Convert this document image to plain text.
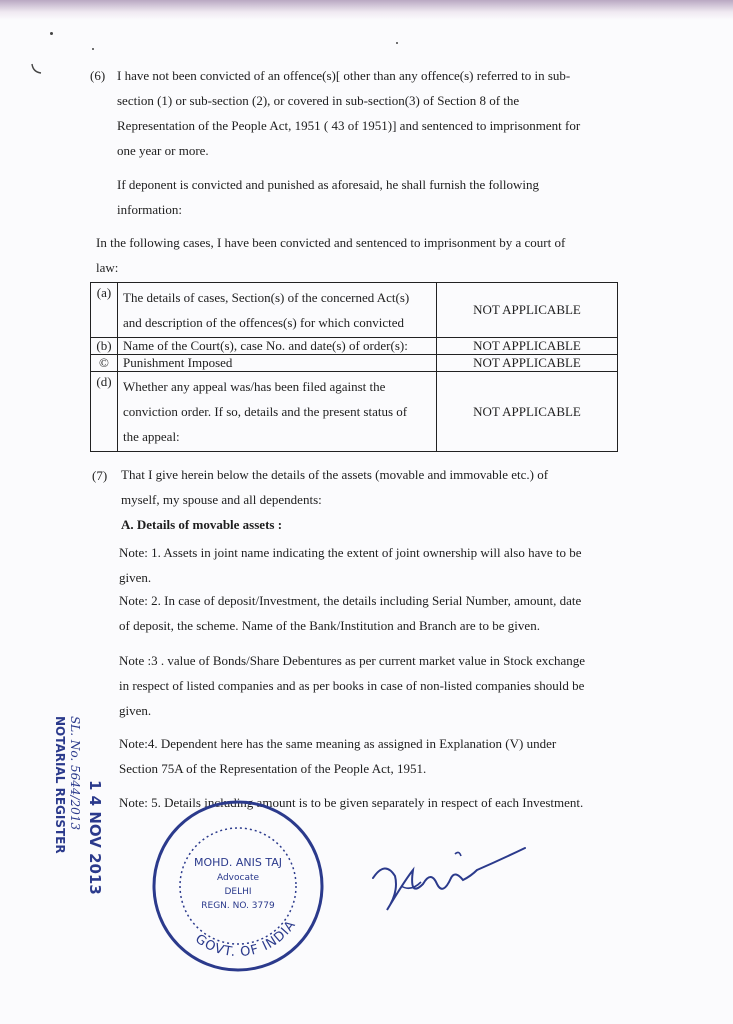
(6) I have not been convicted of an offence(s)[ other than any offence(s) referred to in sub-
section (1) or sub-section (2), or covered in sub-section(3) of Section 8 of the
Representation of the People Act, 1951 ( 43 of 1951)] and sentenced to imprisonment for
one year or more.
If deponent is convicted and punished as aforesaid, he shall furnish the following
information:
In the following cases, I have been convicted and sentenced to imprisonment by a court of
law:
(a)	The details of cases, Section(s) of the concerned Act(s)
and description of the offences(s) for which convicted	NOT APPLICABLE
(b)	Name of the Court(s), case No. and date(s) of order(s):	NOT APPLICABLE
©	Punishment Imposed	NOT APPLICABLE
(d)	Whether any appeal was/has been filed against the
conviction order. If so, details and the present status of
the appeal:	NOT APPLICABLE
(7) That I give herein below the details of the assets (movable and immovable etc.) of
myself, my spouse and all dependents:
A. Details of movable assets :
Note: 1. Assets in joint name indicating the extent of joint ownership will also have to be
given.
Note: 2. In case of deposit/Investment, the details including Serial Number, amount, date
of deposit, the scheme. Name of the Bank/Institution and Branch are to be given.
Note :3 . value of Bonds/Share Debentures as per current market value in Stock exchange
in respect of listed companies and as per books in case of non-listed companies should be
given.
Note:4. Dependent here has the same meaning as assigned in Explanation (V) under
Section 75A of the Representation of the People Act, 1951.
Note: 5. Details including amount is to be given separately in respect of each Investment.
NOTARIAL REGISTER SL. No. 5644/2013
1 4 NOV 2013
GOVT. OF INDIA
MOHD. ANIS TAJ
Advocate
DELHI
REGN. NO. 3779
